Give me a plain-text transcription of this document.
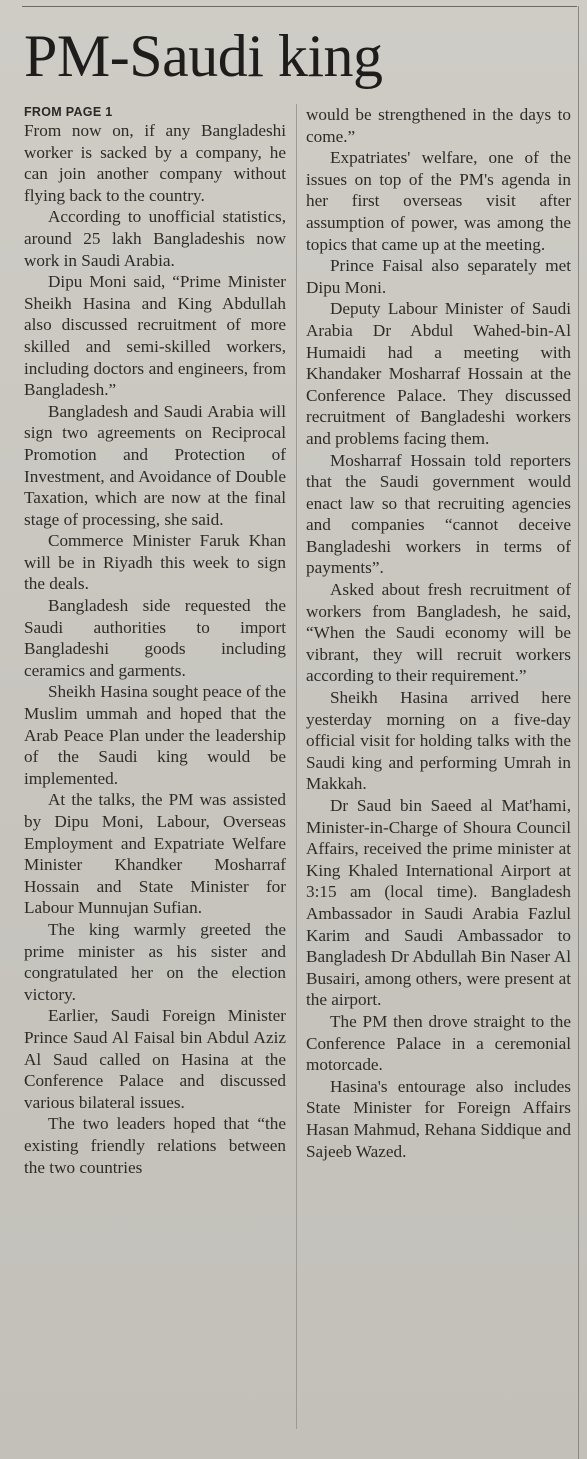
PM-Saudi king
FROM PAGE 1

From now on, if any Bangladeshi worker is sacked by a company, he can join another company without flying back to the country.

According to unofficial statistics, around 25 lakh Bangladeshis now work in Saudi Arabia.

Dipu Moni said, “Prime Minister Sheikh Hasina and King Abdullah also discussed recruitment of more skilled and semi-skilled workers, including doctors and engineers, from Bangladesh.”

Bangladesh and Saudi Arabia will sign two agreements on Reciprocal Promotion and Protection of Investment, and Avoidance of Double Taxation, which are now at the final stage of processing, she said.

Commerce Minister Faruk Khan will be in Riyadh this week to sign the deals.

Bangladesh side requested the Saudi authorities to import Bangladeshi goods including ceramics and garments.

Sheikh Hasina sought peace of the Muslim ummah and hoped that the Arab Peace Plan under the leadership of the Saudi king would be implemented.

At the talks, the PM was assisted by Dipu Moni, Labour, Overseas Employment and Expatriate Welfare Minister Khandker Mosharraf Hossain and State Minister for Labour Munnujan Sufian.

The king warmly greeted the prime minister as his sister and congratulated her on the election victory.

Earlier, Saudi Foreign Minister Prince Saud Al Faisal bin Abdul Aziz Al Saud called on Hasina at the Conference Palace and discussed various bilateral issues.

The two leaders hoped that “the existing friendly relations between the two countries

would be strengthened in the days to come.”

Expatriates' welfare, one of the issues on top of the PM's agenda in her first overseas visit after assumption of power, was among the topics that came up at the meeting.

Prince Faisal also separately met Dipu Moni.

Deputy Labour Minister of Saudi Arabia Dr Abdul Wahed-bin-Al Humaidi had a meeting with Khandaker Mosharraf Hossain at the Conference Palace. They discussed recruitment of Bangladeshi workers and problems facing them.

Mosharraf Hossain told reporters that the Saudi government would enact law so that recruiting agencies and companies “cannot deceive Bangladeshi workers in terms of payments”.

Asked about fresh recruitment of workers from Bangladesh, he said, “When the Saudi economy will be vibrant, they will recruit workers according to their requirement.”

Sheikh Hasina arrived here yesterday morning on a five-day official visit for holding talks with the Saudi king and performing Umrah in Makkah.

Dr Saud bin Saeed al Mat'hami, Minister-in-Charge of Shoura Council Affairs, received the prime minister at King Khaled International Airport at 3:15 am (local time). Bangladesh Ambassador in Saudi Arabia Fazlul Karim and Saudi Ambassador to Bangladesh Dr Abdullah Bin Naser Al Busairi, among others, were present at the airport.

The PM then drove straight to the Conference Palace in a ceremonial motorcade.

Hasina's entourage also includes State Minister for Foreign Affairs Hasan Mahmud, Rehana Siddique and Sajeeb Wazed.
